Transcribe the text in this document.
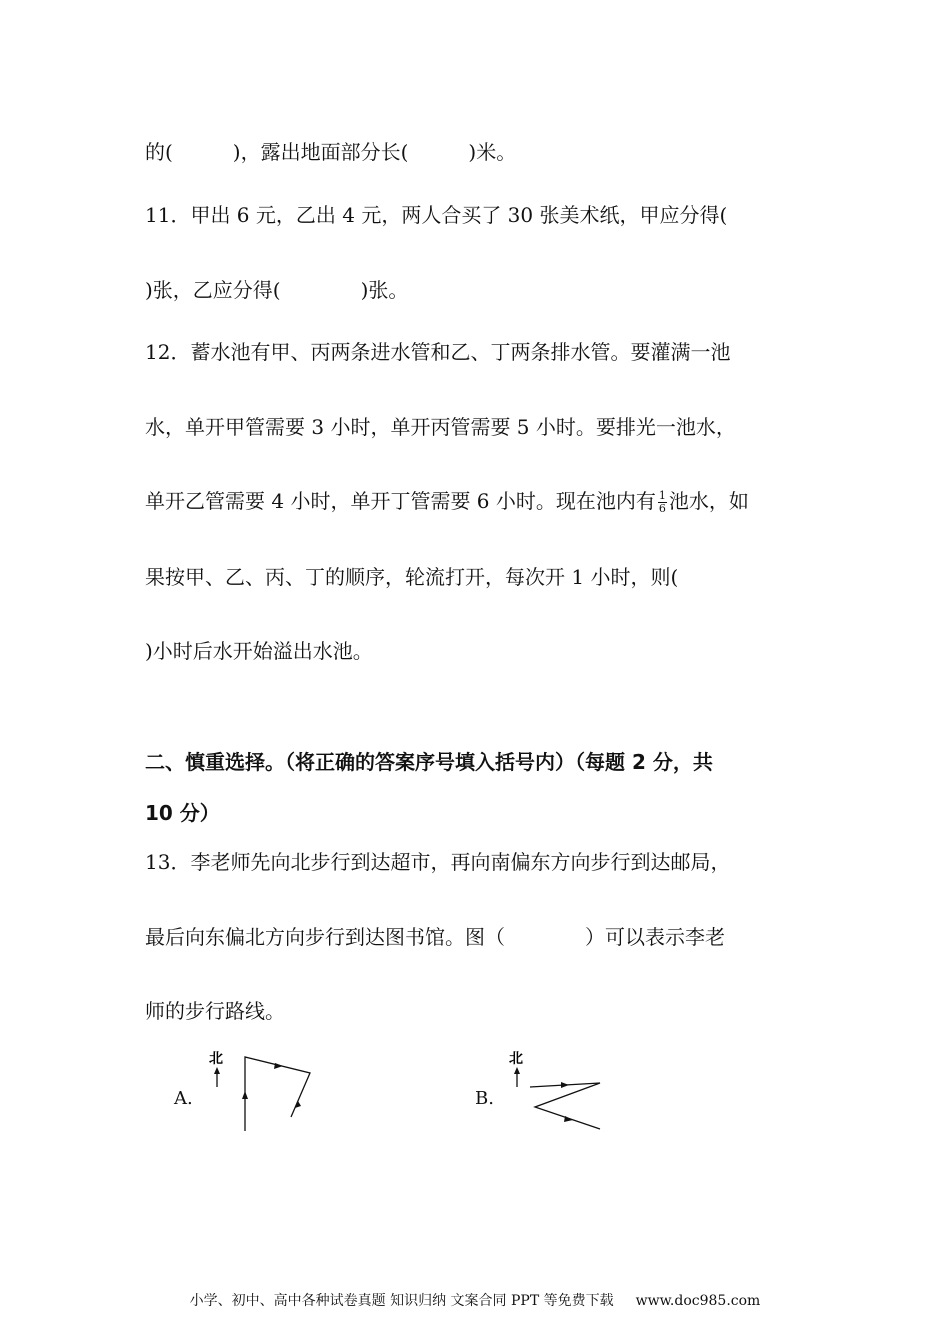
的(　　　)，露出地面部分长(　　　)米。
11．甲出 6 元，乙出 4 元，两人合买了 30 张美术纸，甲应分得(
)张，乙应分得(　　　　)张。
12．蓄水池有甲、丙两条进水管和乙、丁两条排水管。要灌满一池
水，单开甲管需要 3 小时，单开丙管需要 5 小时。要排光一池水，
单开乙管需要 4 小时，单开丁管需要 6 小时。现在池内有 $\frac{1}{6}$ 池水，如
果按甲、乙、丙、丁的顺序，轮流打开，每次开 1 小时，则(
)小时后水开始溢出水池。
二、慎重选择。（将正确的答案序号填入括号内）（每题 2 分，共
10 分）
13．李老师先向北步行到达超市，再向南偏东方向步行到达邮局，
最后向东偏北方向步行到达图书馆。图（　　　　）可以表示李老
师的步行路线。
A.
北
B.
北
小学、初中、高中各种试卷真题 知识归纳 文案合同 PPT 等免费下载 www.doc985.com
